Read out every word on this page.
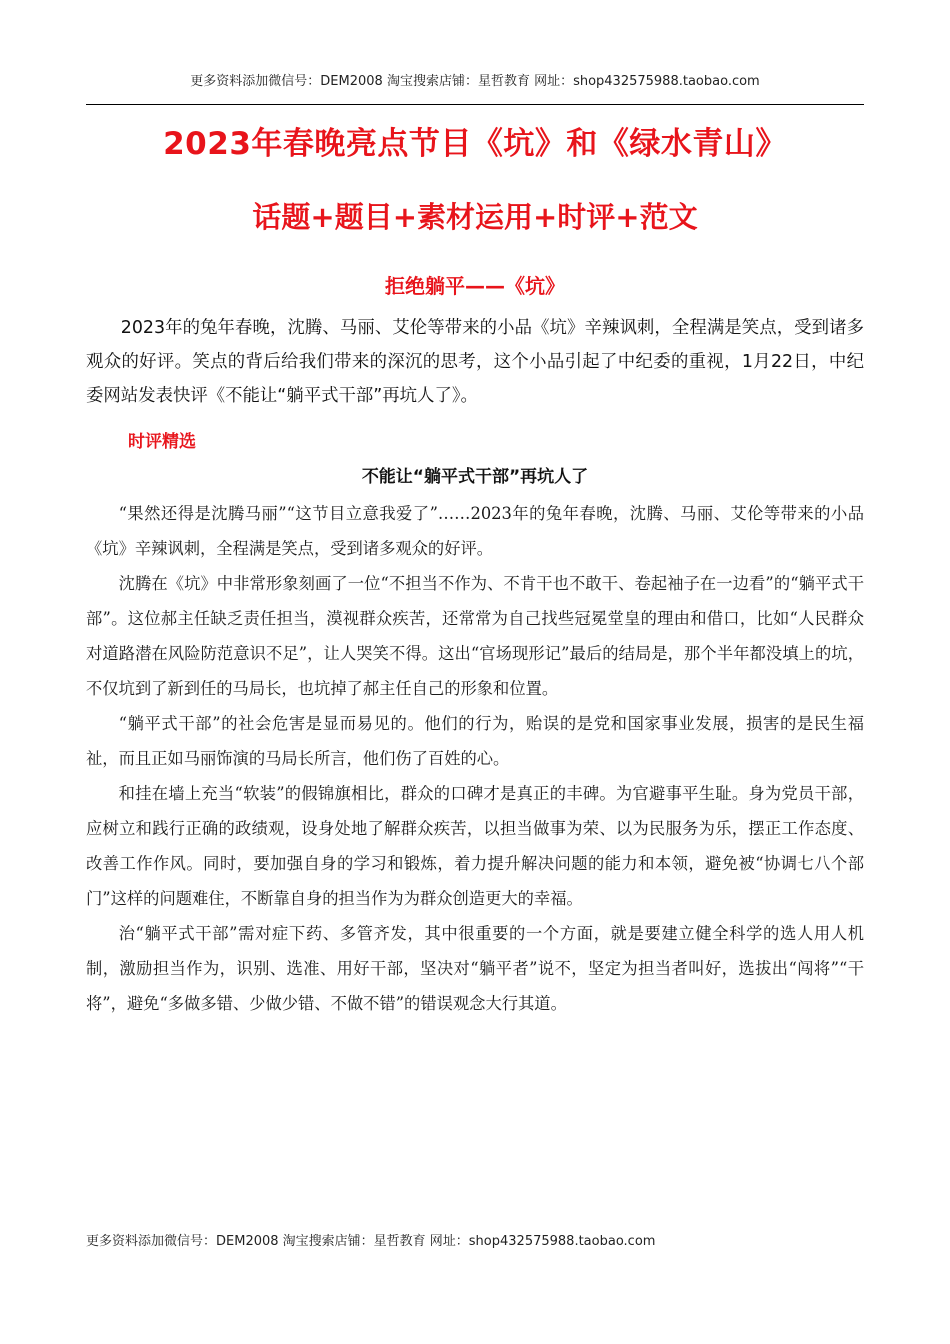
更多资料添加微信号：DEM2008 淘宝搜索店铺：星哲教育 网址：shop432575988.taobao.com
2023年春晚亮点节目《坑》和《绿水青山》
话题+题目+素材运用+时评+范文
拒绝躺平——《坑》
2023年的兔年春晚，沈腾、马丽、艾伦等带来的小品《坑》辛辣讽刺，全程满是笑点，受到诸多观众的好评。笑点的背后给我们带来的深沉的思考，这个小品引起了中纪委的重视，1月22日，中纪委网站发表快评《不能让“躺平式干部”再坑人了》。
时评精选
不能让“躺平式干部”再坑人了

“果然还得是沈腾马丽”“这节目立意我爱了”……2023年的兔年春晚，沈腾、马丽、艾伦等带来的小品《坑》辛辣讽刺，全程满是笑点，受到诸多观众的好评。

沈腾在《坑》中非常形象刻画了一位“不担当不作为、不肯干也不敢干、卷起袖子在一边看”的“躺平式干部”。这位郝主任缺乏责任担当，漠视群众疾苦，还常常为自己找些冠冕堂皇的理由和借口，比如“人民群众对道路潜在风险防范意识不足”，让人哭笑不得。这出“官场现形记”最后的结局是，那个半年都没填上的坑，不仅坑到了新到任的马局长，也坑掉了郝主任自己的形象和位置。

“躺平式干部”的社会危害是显而易见的。他们的行为，贻误的是党和国家事业发展，损害的是民生福祉，而且正如马丽饰演的马局长所言，他们伤了百姓的心。

和挂在墙上充当“软装”的假锦旗相比，群众的口碑才是真正的丰碑。为官避事平生耻。身为党员干部，应树立和践行正确的政绩观，设身处地了解群众疾苦，以担当做事为荣、以为民服务为乐，摆正工作态度、改善工作作风。同时，要加强自身的学习和锻炼，着力提升解决问题的能力和本领，避免被“协调七八个部门”这样的问题难住，不断靠自身的担当作为为群众创造更大的幸福。

治“躺平式干部”需对症下药、多管齐发，其中很重要的一个方面，就是要建立健全科学的选人用人机制，激励担当作为，识别、选准、用好干部，坚决对“躺平者”说不，坚定为担当者叫好，选拔出“闯将”“干将”，避免“多做多错、少做少错、不做不错”的错误观念大行其道。

更多资料添加微信号：DEM2008 淘宝搜索店铺：星哲教育 网址：shop432575988.taobao.com
